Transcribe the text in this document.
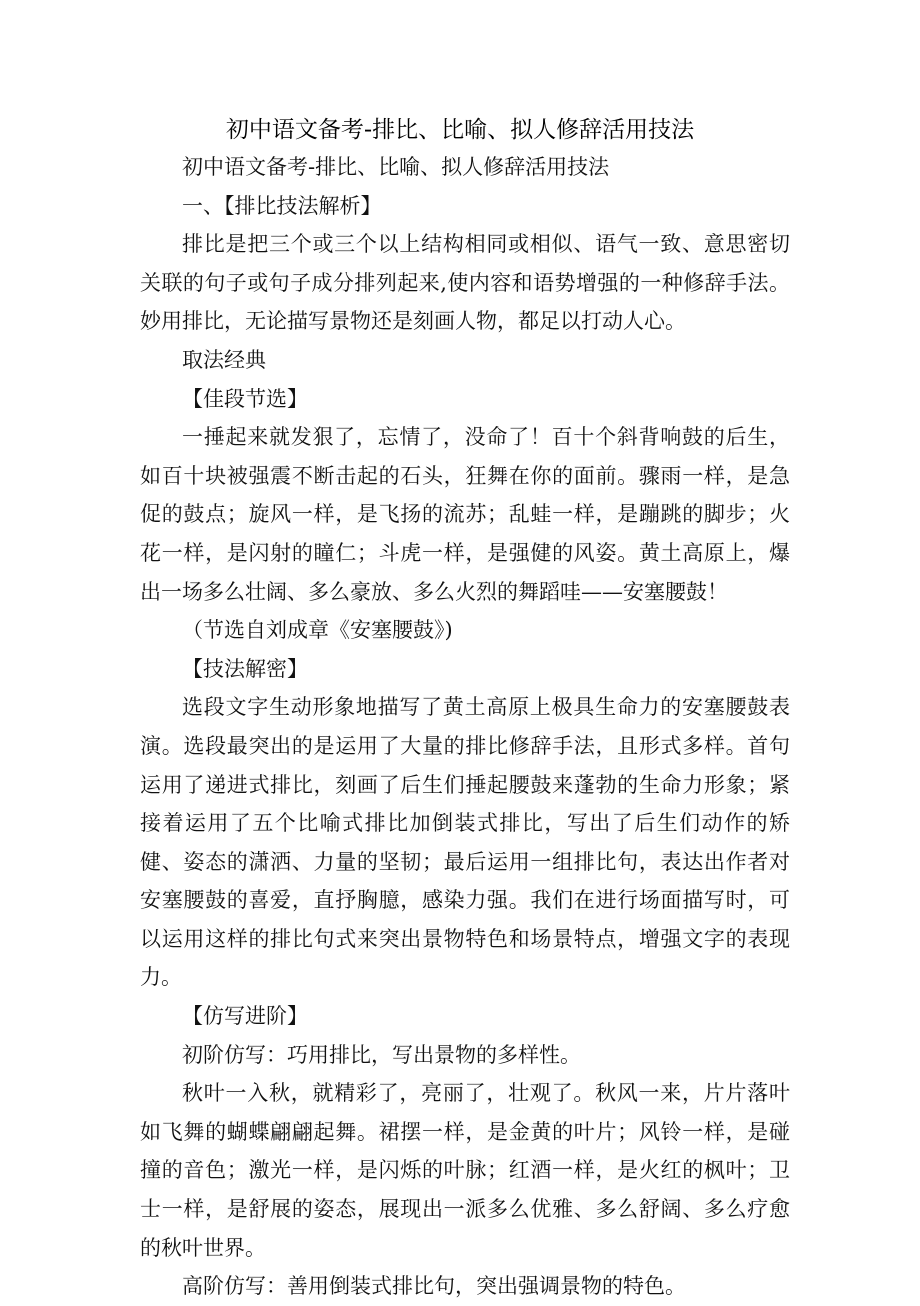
初中语文备考-排比、比喻、拟人修辞活用技法

初中语文备考-排比、比喻、拟人修辞活用技法

一、【排比技法解析】

排比是把三个或三个以上结构相同或相似、语气一致、意思密切关联的句子或句子成分排列起来,使内容和语势增强的一种修辞手法。妙用排比，无论描写景物还是刻画人物，都足以打动人心。

取法经典

【佳段节选】

一捶起来就发狠了，忘情了，没命了！百十个斜背响鼓的后生，如百十块被强震不断击起的石头，狂舞在你的面前。骤雨一样，是急促的鼓点；旋风一样，是飞扬的流苏；乱蛙一样，是蹦跳的脚步；火花一样，是闪射的瞳仁；斗虎一样，是强健的风姿。黄土高原上，爆出一场多么壮阔、多么豪放、多么火烈的舞蹈哇——安塞腰鼓！

（节选自刘成章《安塞腰鼓》)

【技法解密】

选段文字生动形象地描写了黄土高原上极具生命力的安塞腰鼓表演。选段最突出的是运用了大量的排比修辞手法，且形式多样。首句运用了递进式排比，刻画了后生们捶起腰鼓来蓬勃的生命力形象；紧接着运用了五个比喻式排比加倒装式排比，写出了后生们动作的矫健、姿态的潇洒、力量的坚韧；最后运用一组排比句，表达出作者对安塞腰鼓的喜爱，直抒胸臆，感染力强。我们在进行场面描写时，可以运用这样的排比句式来突出景物特色和场景特点，增强文字的表现力。

【仿写进阶】

初阶仿写：巧用排比，写出景物的多样性。

秋叶一入秋，就精彩了，亮丽了，壮观了。秋风一来，片片落叶如飞舞的蝴蝶翩翩起舞。裙摆一样，是金黄的叶片；风铃一样，是碰撞的音色；激光一样，是闪烁的叶脉；红酒一样，是火红的枫叶；卫士一样，是舒展的姿态，展现出一派多么优雅、多么舒阔、多么疗愈的秋叶世界。

高阶仿写：善用倒装式排比句，突出强调景物的特色。
